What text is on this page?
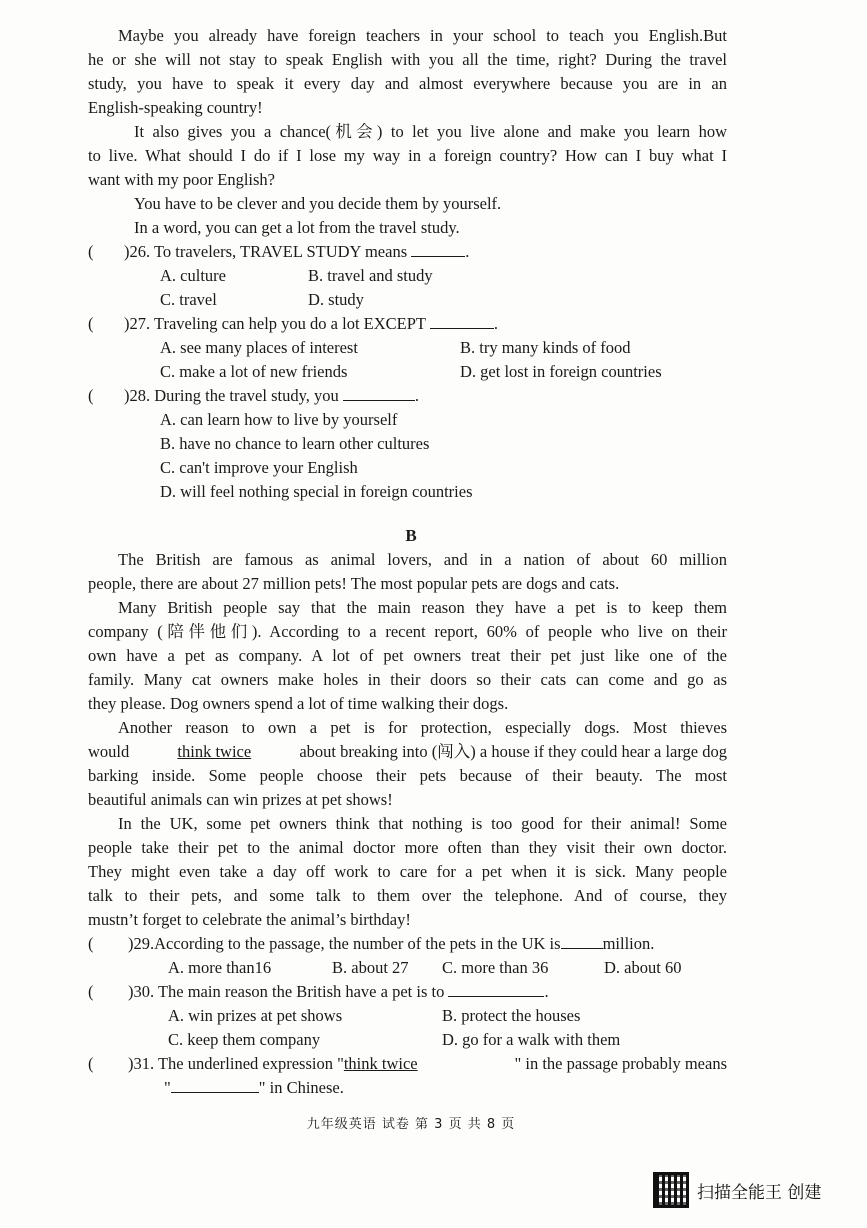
Maybe you already have foreign teachers in your school to teach you English.But
he or she will not stay to speak English with you all the time, right? During the travel
study, you have to speak it every day and almost everywhere because you are in an
English-speaking country!
It also gives you a chance(机会) to let you live alone and make you learn how
to live. What should I do if I lose my way in a foreign country? How can I buy what I
want with my poor English?
You have to be clever and you decide them by yourself.
In a word, you can get a lot from the travel study.
( )26. To travelers, TRAVEL STUDY means	.
A. culture	B. travel and study
C. travel	D. study
( )27. Traveling can help you do a lot EXCEPT	.
A. see many places of interest	B. try many kinds of food
C. make a lot of new friends	D. get lost in foreign countries
( )28. During the travel study, you	.
A. can learn how to live by yourself
B. have no chance to learn other cultures
C. can't improve your English
D. will feel nothing special in foreign countries
B
The British are famous as animal lovers, and in a nation of about 60 million
people, there are about 27 million pets! The most popular pets are dogs and cats.
Many British people say that the main reason they have a pet is to keep them
company (陪伴他们). According to a recent report, 60% of people who live on their
own have a pet as company. A lot of pet owners treat their pet just like one of the
family. Many cat owners make holes in their doors so their cats can come and go as
they please. Dog owners spend a lot of time walking their dogs.
Another reason to own a pet is for protection, especially dogs. Most thieves
would	think twice	about breaking into (闯入) a house if they could hear a large dog
barking inside. Some people choose their pets because of their beauty. The most
beautiful animals can win prizes at pet shows!
In the UK, some pet owners think that nothing is too good for their animal! Some
people take their pet to the animal doctor more often than they visit their own doctor.
They might even take a day off work to care for a pet when it is sick. Many people
talk to their pets, and some talk to them over the telephone. And of course, they
mustn’t forget to celebrate the animal’s birthday!
( )29.According to the passage, the number of the pets in the UK is	million.
A. more than16	B. about 27 C. more than 36	D. about 60
( )30. The main reason the British have a pet is to	.
A. win prizes at pet shows	B. protect the houses
C. keep them company	D. go for a walk with them
( )31. The underlined expression "think twice	" in the passage probably means
"	" in Chinese.
九年级英语 试卷 第 3 页 共 8 页
扫描全能王 创建
